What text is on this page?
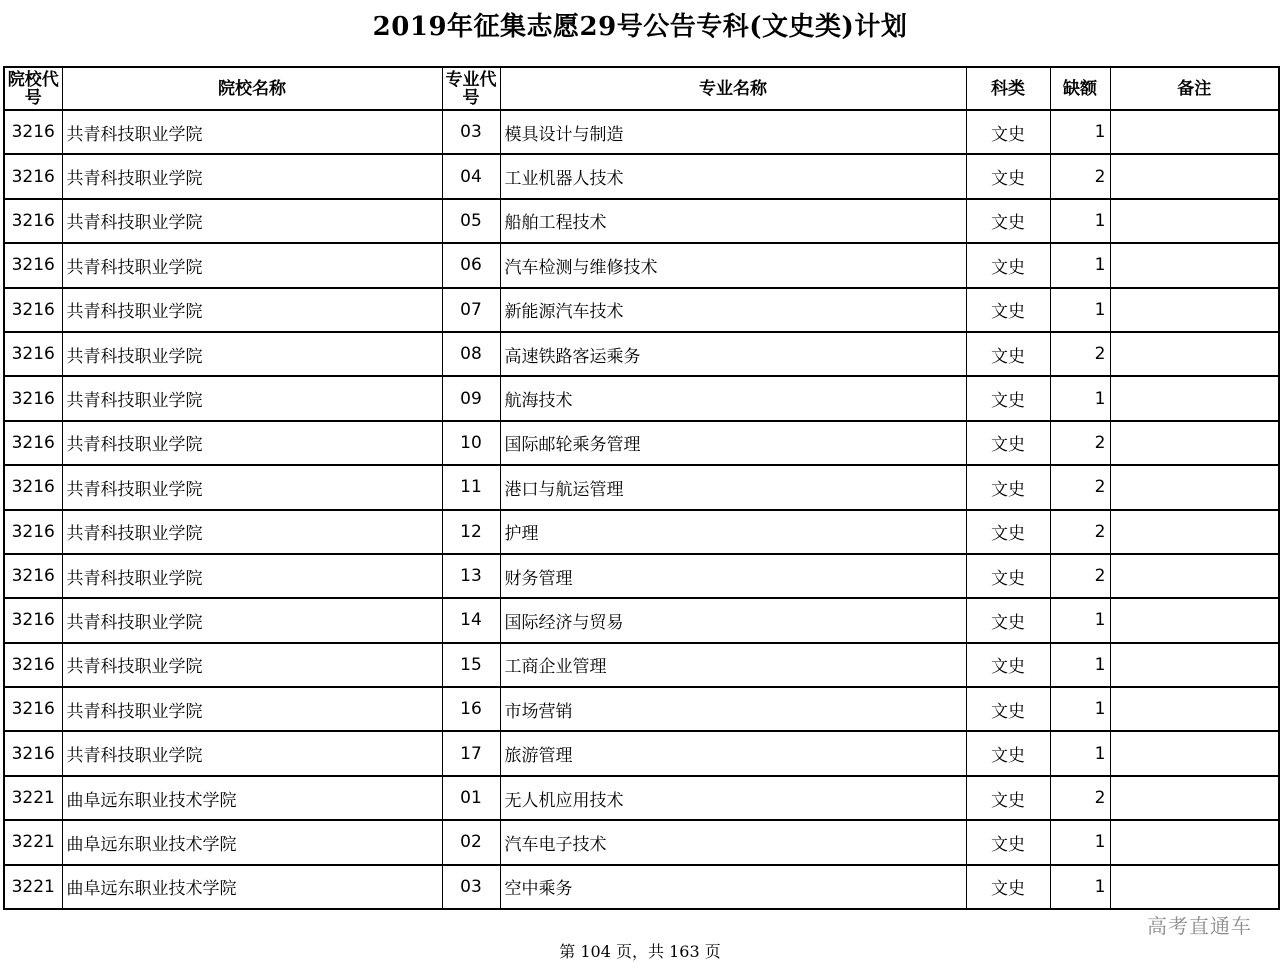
2019年征集志愿29号公告专科(文史类)计划
院校代号	院校名称	专业代号	专业名称	科类	缺额	备注
3216	共青科技职业学院	03	模具设计与制造	文史	1	
3216	共青科技职业学院	04	工业机器人技术	文史	2	
3216	共青科技职业学院	05	船舶工程技术	文史	1	
3216	共青科技职业学院	06	汽车检测与维修技术	文史	1	
3216	共青科技职业学院	07	新能源汽车技术	文史	1	
3216	共青科技职业学院	08	高速铁路客运乘务	文史	2	
3216	共青科技职业学院	09	航海技术	文史	1	
3216	共青科技职业学院	10	国际邮轮乘务管理	文史	2	
3216	共青科技职业学院	11	港口与航运管理	文史	2	
3216	共青科技职业学院	12	护理	文史	2	
3216	共青科技职业学院	13	财务管理	文史	2	
3216	共青科技职业学院	14	国际经济与贸易	文史	1	
3216	共青科技职业学院	15	工商企业管理	文史	1	
3216	共青科技职业学院	16	市场营销	文史	1	
3216	共青科技职业学院	17	旅游管理	文史	1	
3221	曲阜远东职业技术学院	01	无人机应用技术	文史	2	
3221	曲阜远东职业技术学院	02	汽车电子技术	文史	1	
3221	曲阜远东职业技术学院	03	空中乘务	文史	1	
高考直通车
第 104 页，共 163 页
